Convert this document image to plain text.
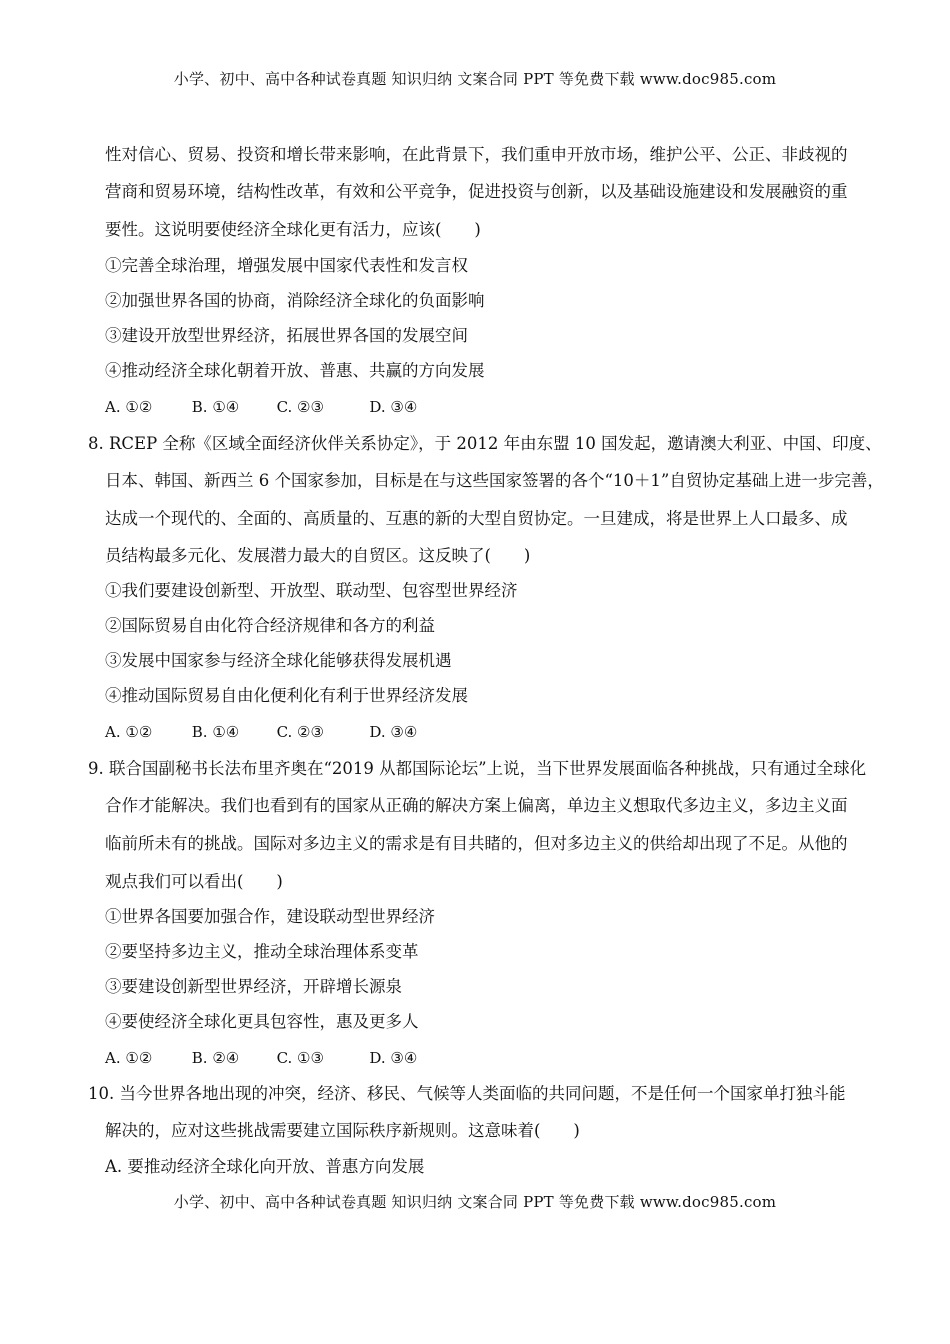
小学、初中、高中各种试卷真题 知识归纳 文案合同 PPT 等免费下载 www.doc985.com
性对信心、贸易、投资和增长带来影响，在此背景下，我们重申开放市场，维护公平、公正、非歧视的
营商和贸易环境，结构性改革，有效和公平竞争，促进投资与创新，以及基础设施建设和发展融资的重
要性。这说明要使经济全球化更有活力，应该(　　)
①完善全球治理，增强发展中国家代表性和发言权
②加强世界各国的协商，消除经济全球化的负面影响
③建设开放型世界经济，拓展世界各国的发展空间
④推动经济全球化朝着开放、普惠、共赢的方向发展
A. ①②	B. ①④ C. ②③	D. ③④
8. RCEP 全称《区域全面经济伙伴关系协定》，于 2012 年由东盟 10 国发起，邀请澳大利亚、中国、印度、
日本、韩国、新西兰 6 个国家参加，目标是在与这些国家签署的各个“10＋1”自贸协定基础上进一步完善，
达成一个现代的、全面的、高质量的、互惠的新的大型自贸协定。一旦建成，将是世界上人口最多、成
员结构最多元化、发展潜力最大的自贸区。这反映了(　　)
①我们要建设创新型、开放型、联动型、包容型世界经济
②国际贸易自由化符合经济规律和各方的利益
③发展中国家参与经济全球化能够获得发展机遇
④推动国际贸易自由化便利化有利于世界经济发展
A. ①②	B. ①④ C. ②③	D. ③④
9. 联合国副秘书长法布里齐奥在“2019 从都国际论坛”上说，当下世界发展面临各种挑战，只有通过全球化
合作才能解决。我们也看到有的国家从正确的解决方案上偏离，单边主义想取代多边主义，多边主义面
临前所未有的挑战。国际对多边主义的需求是有目共睹的，但对多边主义的供给却出现了不足。从他的
观点我们可以看出(　　)
①世界各国要加强合作，建设联动型世界经济
②要坚持多边主义，推动全球治理体系变革
③要建设创新型世界经济，开辟增长源泉
④要使经济全球化更具包容性，惠及更多人
A. ①②	B. ②④ C. ①③	D. ③④
10. 当今世界各地出现的冲突，经济、移民、气候等人类面临的共同问题，不是任何一个国家单打独斗能
解决的，应对这些挑战需要建立国际秩序新规则。这意味着(　　)
A. 要推动经济全球化向开放、普惠方向发展
小学、初中、高中各种试卷真题 知识归纳 文案合同 PPT 等免费下载 www.doc985.com
